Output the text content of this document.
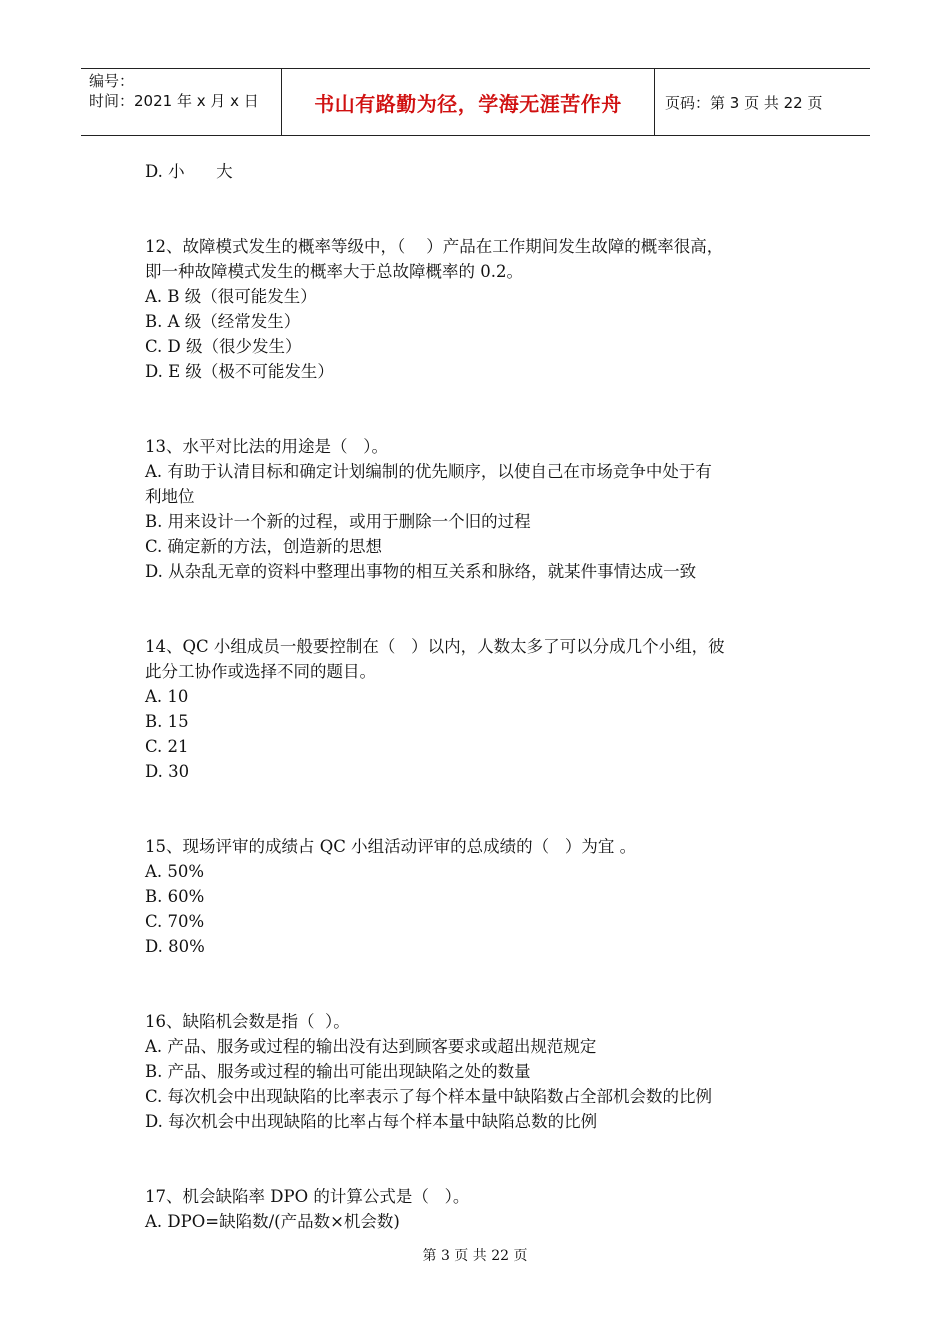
编号：
时间：2021 年 x 月 x 日	书山有路勤为径，学海无涯苦作舟	页码：第 3 页 共 22 页
D. 小      大
12、故障模式发生的概率等级中，（    ）产品在工作期间发生故障的概率很高，
即一种故障模式发生的概率大于总故障概率的 0.2。
A. B 级（很可能发生）
B. A 级（经常发生）
C. D 级（很少发生）
D. E 级（极不可能发生）
13、水平对比法的用途是（   ）。
A. 有助于认清目标和确定计划编制的优先顺序，以使自己在市场竞争中处于有
利地位
B. 用来设计一个新的过程，或用于删除一个旧的过程
C. 确定新的方法，创造新的思想
D. 从杂乱无章的资料中整理出事物的相互关系和脉络，就某件事情达成一致
14、QC 小组成员一般要控制在（   ）以内，人数太多了可以分成几个小组，彼
此分工协作或选择不同的题目。
A. 10
B. 15
C. 21
D. 30
15、现场评审的成绩占 QC 小组活动评审的总成绩的（   ）为宜 。
A. 50%
B. 60%
C. 70%
D. 80%
16、缺陷机会数是指（  ）。
A. 产品、服务或过程的输出没有达到顾客要求或超出规范规定
B. 产品、服务或过程的输出可能出现缺陷之处的数量
C. 每次机会中出现缺陷的比率表示了每个样本量中缺陷数占全部机会数的比例
D. 每次机会中出现缺陷的比率占每个样本量中缺陷总数的比例
17、机会缺陷率 DPO 的计算公式是（   ）。
A. DPO=缺陷数/(产品数×机会数)
第 3 页 共 22 页
